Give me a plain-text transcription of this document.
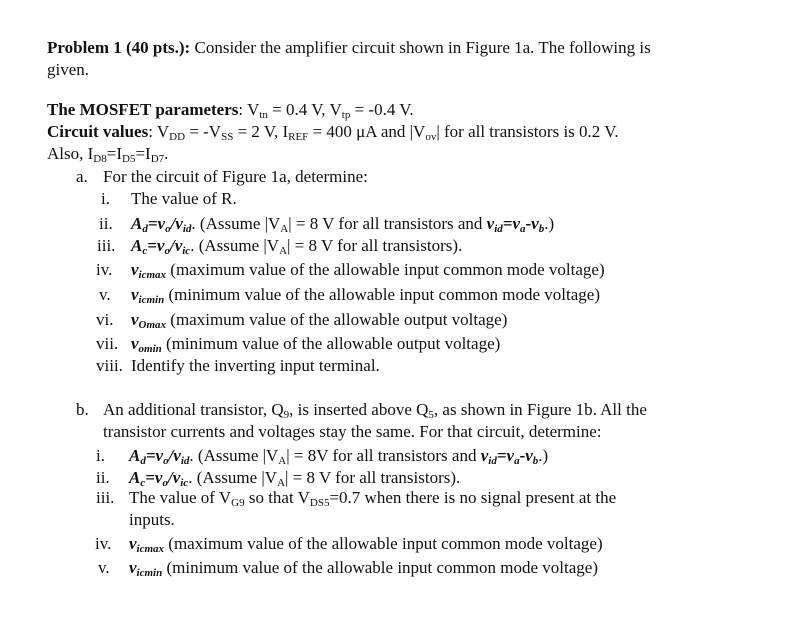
Problem 1 (40 pts.): Consider the amplifier circuit shown in Figure 1a. The following is
given.
The MOSFET parameters: $V_{tn} = 0.4$ V, $V_{tp} = -0.4$ V.
Circuit values: $V_{DD} = -V_{SS} = 2$ V, $I_{REF} = 400$ μA and $|V_{ov}|$ for all transistors is 0.2 V.
Also, $I_{D8}=I_{D5}=I_{D7}$.
a. For the circuit of Figure 1a, determine:
i. The value of R.
ii. $A_d=v_o/v_{id}$. (Assume $|V_A| = 8$ V for all transistors and $v_{id}=v_a-v_b$.)
iii. $A_c=v_o/v_{ic}$. (Assume $|V_A| = 8$ V for all transistors).
iv. $v_{icmax}$ (maximum value of the allowable input common mode voltage)
v. $v_{icmin}$ (minimum value of the allowable input common mode voltage)
vi. $v_{Omax}$ (maximum value of the allowable output voltage)
vii. $v_{omin}$ (minimum value of the allowable output voltage)
viii. Identify the inverting input terminal.
b. An additional transistor, $Q_9$, is inserted above $Q_5$, as shown in Figure 1b. All the
transistor currents and voltages stay the same. For that circuit, determine:
i. $A_d=v_o/v_{id}$. (Assume $|V_A| = 8V$ for all transistors and $v_{id}=v_a-v_b$.)
ii. $A_c=v_o/v_{ic}$. (Assume $|V_A| = 8$ V for all transistors).
iii. The value of $V_{G9}$ so that $V_{DS5}=0.7$ when there is no signal present at the
inputs.
iv. $v_{icmax}$ (maximum value of the allowable input common mode voltage)
v. $v_{icmin}$ (minimum value of the allowable input common mode voltage)
